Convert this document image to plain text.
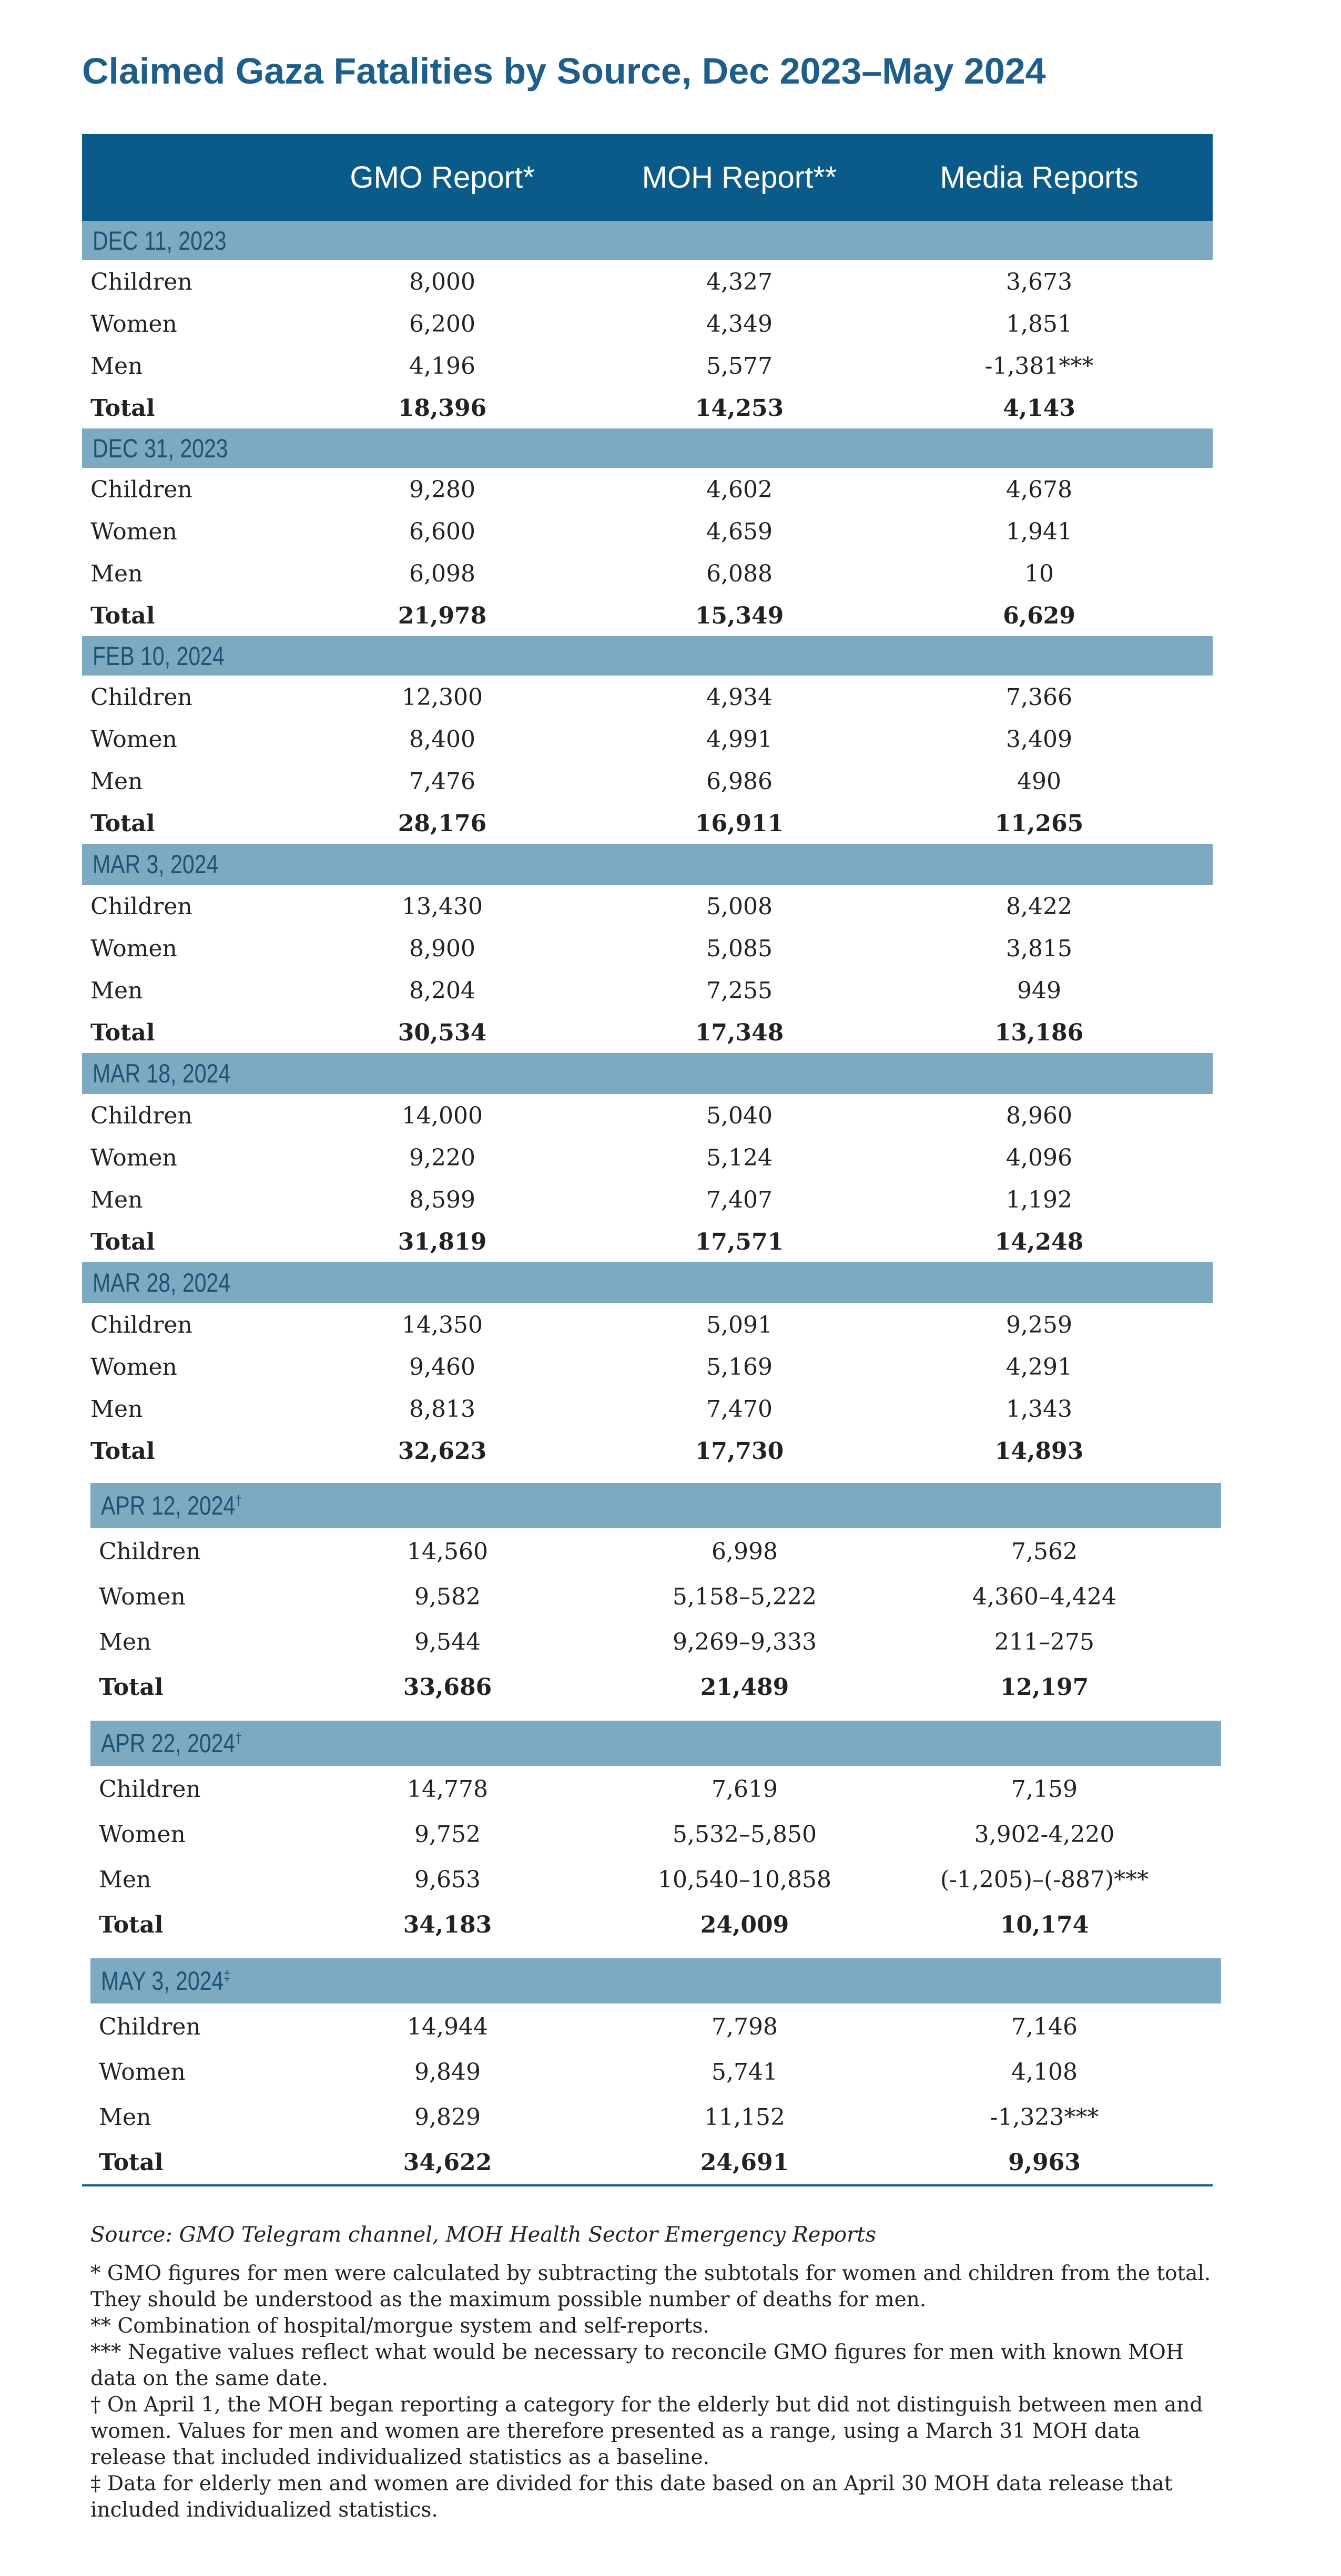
Claimed Gaza Fatalities by Source, Dec 2023–May 2024
GMO Report*	MOH Report**	Media Reports
DEC 11, 2023
Children	8,000	4,327	3,673
Women	6,200	4,349	1,851
Men	4,196	5,577	-1,381***
Total	18,396	14,253	4,143
DEC 31, 2023
Children	9,280	4,602	4,678
Women	6,600	4,659	1,941
Men	6,098	6,088	10
Total	21,978	15,349	6,629
FEB 10, 2024
Children	12,300	4,934	7,366
Women	8,400	4,991	3,409
Men	7,476	6,986	490
Total	28,176	16,911	11,265
MAR 3, 2024
Children	13,430	5,008	8,422
Women	8,900	5,085	3,815
Men	8,204	7,255	949
Total	30,534	17,348	13,186
MAR 18, 2024
Children	14,000	5,040	8,960
Women	9,220	5,124	4,096
Men	8,599	7,407	1,192
Total	31,819	17,571	14,248
MAR 28, 2024
Children	14,350	5,091	9,259
Women	9,460	5,169	4,291
Men	8,813	7,470	1,343
Total	32,623	17,730	14,893
APR 12, 2024†
Children	14,560	6,998	7,562
Women	9,582	5,158–5,222	4,360–4,424
Men	9,544	9,269–9,333	211–275
Total	33,686	21,489	12,197
APR 22, 2024†
Children	14,778	7,619	7,159
Women	9,752	5,532–5,850	3,902-4,220
Men	9,653	10,540–10,858	(-1,205)–(-887)***
Total	34,183	24,009	10,174
MAY 3, 2024‡
Children	14,944	7,798	7,146
Women	9,849	5,741	4,108
Men	9,829	11,152	-1,323***
Total	34,622	24,691	9,963
Source: GMO Telegram channel, MOH Health Sector Emergency Reports

* GMO figures for men were calculated by subtracting the subtotals for women and children from the total. They should be understood as the maximum possible number of deaths for men.

** Combination of hospital/morgue system and self-reports.

*** Negative values reflect what would be necessary to reconcile GMO figures for men with known MOH data on the same date.

† On April 1, the MOH began reporting a category for the elderly but did not distinguish between men and women. Values for men and women are therefore presented as a range, using a March 31 MOH data release that included individualized statistics as a baseline.

‡ Data for elderly men and women are divided for this date based on an April 30 MOH data release that included individualized statistics.
